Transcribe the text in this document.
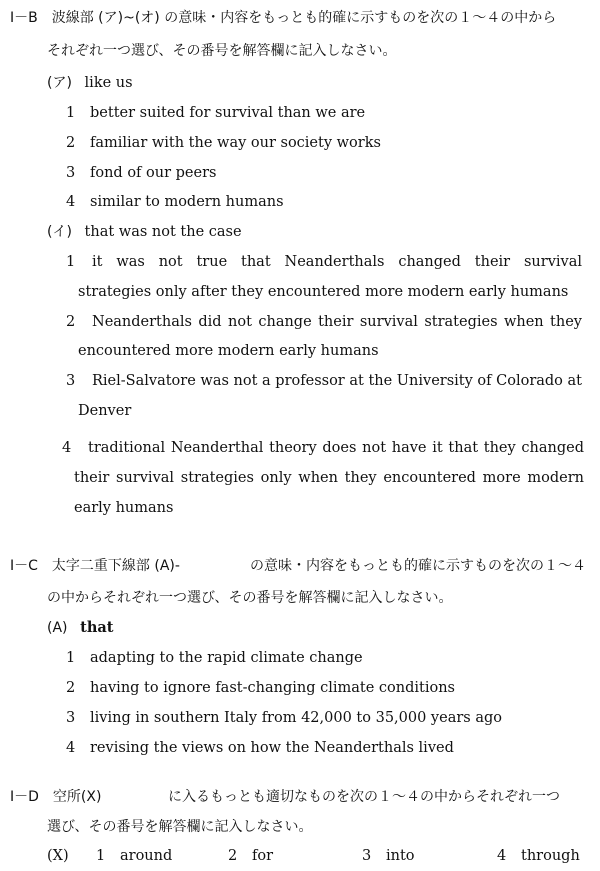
I－B　波線部 (ア)~(オ) の意味・内容をもっとも的確に示すものを次の１～４の中から
それぞれ一つ選び、その番号を解答欄に記入しなさい。
(ア) like us
1 better suited for survival than we are
2 familiar with the way our society works
3 fond of our peers
4 similar to modern humans
(イ) that was not the case
1 it was not true that Neanderthals changed their survival
strategies only after they encountered more modern early humans
2 Neanderthals did not change their survival strategies when they
encountered more modern early humans
3 Riel-Salvatore was not a professor at the University of Colorado at
Denver
4 traditional Neanderthal theory does not have it that they changed
their survival strategies only when they encountered more modern
early humans
I－C　太字二重下線部 (A)-	の意味・内容をもっとも的確に示すものを次の１～４
の中からそれぞれ一つ選び、その番号を解答欄に記入しなさい。
(A) that
1 adapting to the rapid climate change
2 having to ignore fast-changing climate conditions
3 living in southern Italy from 42,000 to 35,000 years ago
4 revising the views on how the Neanderthals lived
I－D　空所(X)	に入るもっとも適切なものを次の１～４の中からそれぞれ一つ
選び、その番号を解答欄に記入しなさい。
(X) 1 around	2 for	3 into	4 through
